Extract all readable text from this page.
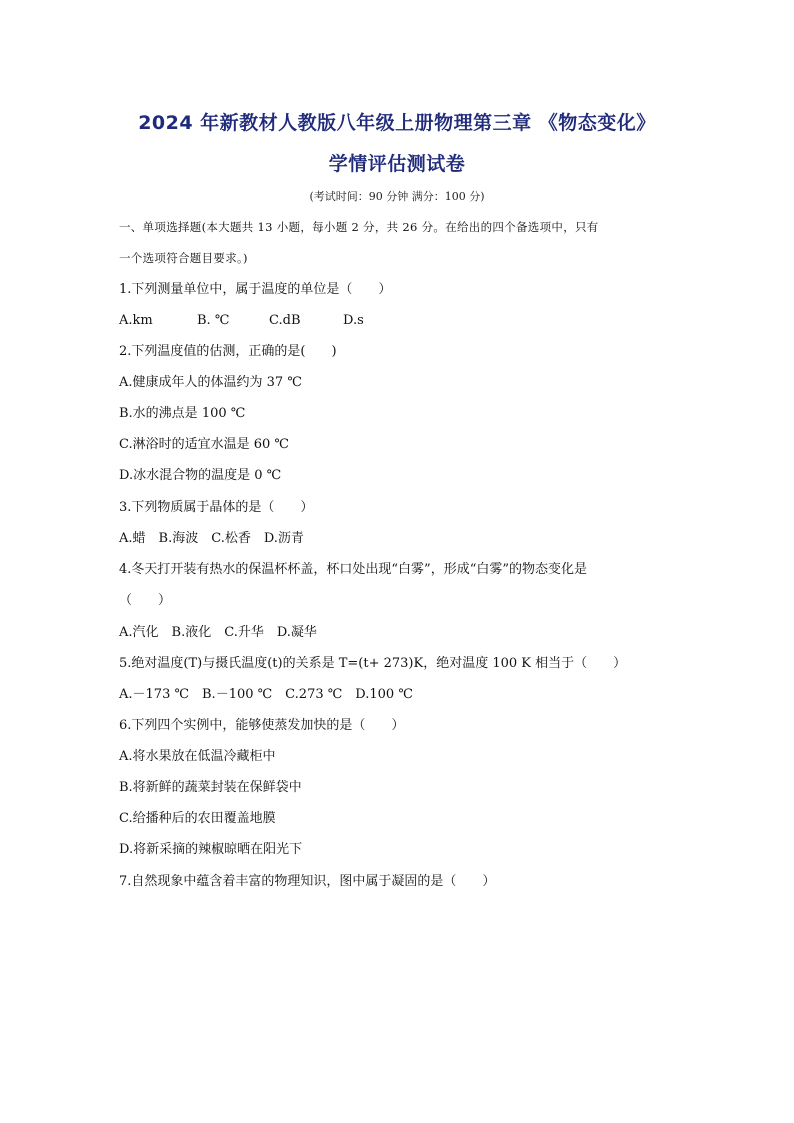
2024 年新教材人教版八年级上册物理第三章 《物态变化》
学情评估测试卷
(考试时间：90 分钟 满分：100 分)
一、单项选择题(本大题共 13 小题，每小题 2 分，共 26 分。在给出的四个备选项中，只有
一个选项符合题目要求。)
1.下列测量单位中，属于温度的单位是（　　）
A.km	B. ℃	C.dB	D.s
2.下列温度值的估测，正确的是(　　)
A.健康成年人的体温约为 37 ℃
B.水的沸点是 100 ℃
C.淋浴时的适宜水温是 60 ℃
D.冰水混合物的温度是 0 ℃
3.下列物质属于晶体的是（　　）
A.蜡　B.海波　C.松香　D.沥青
4.冬天打开装有热水的保温杯杯盖，杯口处出现“白雾”，形成“白雾”的物态变化是
（　　）
A.汽化　B.液化　C.升华　D.凝华
5.绝对温度(T)与摄氏温度(t)的关系是 T=(t+ 273)K，绝对温度 100 K 相当于（　　）
A.－173 ℃　B.－100 ℃　C.273 ℃　D.100 ℃
6.下列四个实例中，能够使蒸发加快的是（　　）
A.将水果放在低温冷藏柜中
B.将新鲜的蔬菜封装在保鲜袋中
C.给播种后的农田覆盖地膜
D.将新采摘的辣椒晾晒在阳光下
7.自然现象中蕴含着丰富的物理知识，图中属于凝固的是（　　）
